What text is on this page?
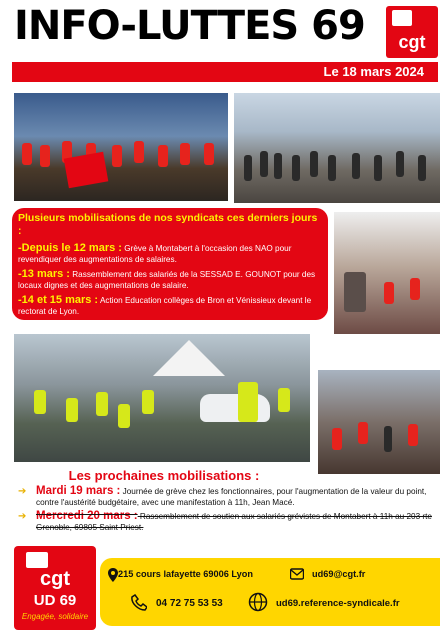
INFO-LUTTES 69	cgt
Le 18 mars 2024
Plusieurs mobilisations de nos syndicats ces derniers jours :
-Depuis le 12 mars : Grève à Montabert à l'occasion des NAO pour revendiquer des augmentations de salaires.
-13 mars : Rassemblement des salariés de la SESSAD E. GOUNOT pour des locaux dignes et des augmentations de salaire.
-14 et 15 mars : Action Education collèges de Bron et Vénissieux devant le rectorat de Lyon.
Les prochaines mobilisations :
➔ Mardi 19 mars : Journée de grève chez les fonctionnaires, pour l'augmentation de la valeur du point, contre l'austérité budgétaire, avec une manifestation à 11h, Jean Macé.
➔ Mercredi 20 mars : Rassemblement de soutien aux salariés grévistes de Montabert à 11h au 203 rte Grenoble, 69805 Saint Priest.
215 cours lafayette 69006 Lyon	ud69@cgt.fr
04 72 75 53 53	ud69.reference-syndicale.fr
cgt
UD 69
Engagée, solidaire
